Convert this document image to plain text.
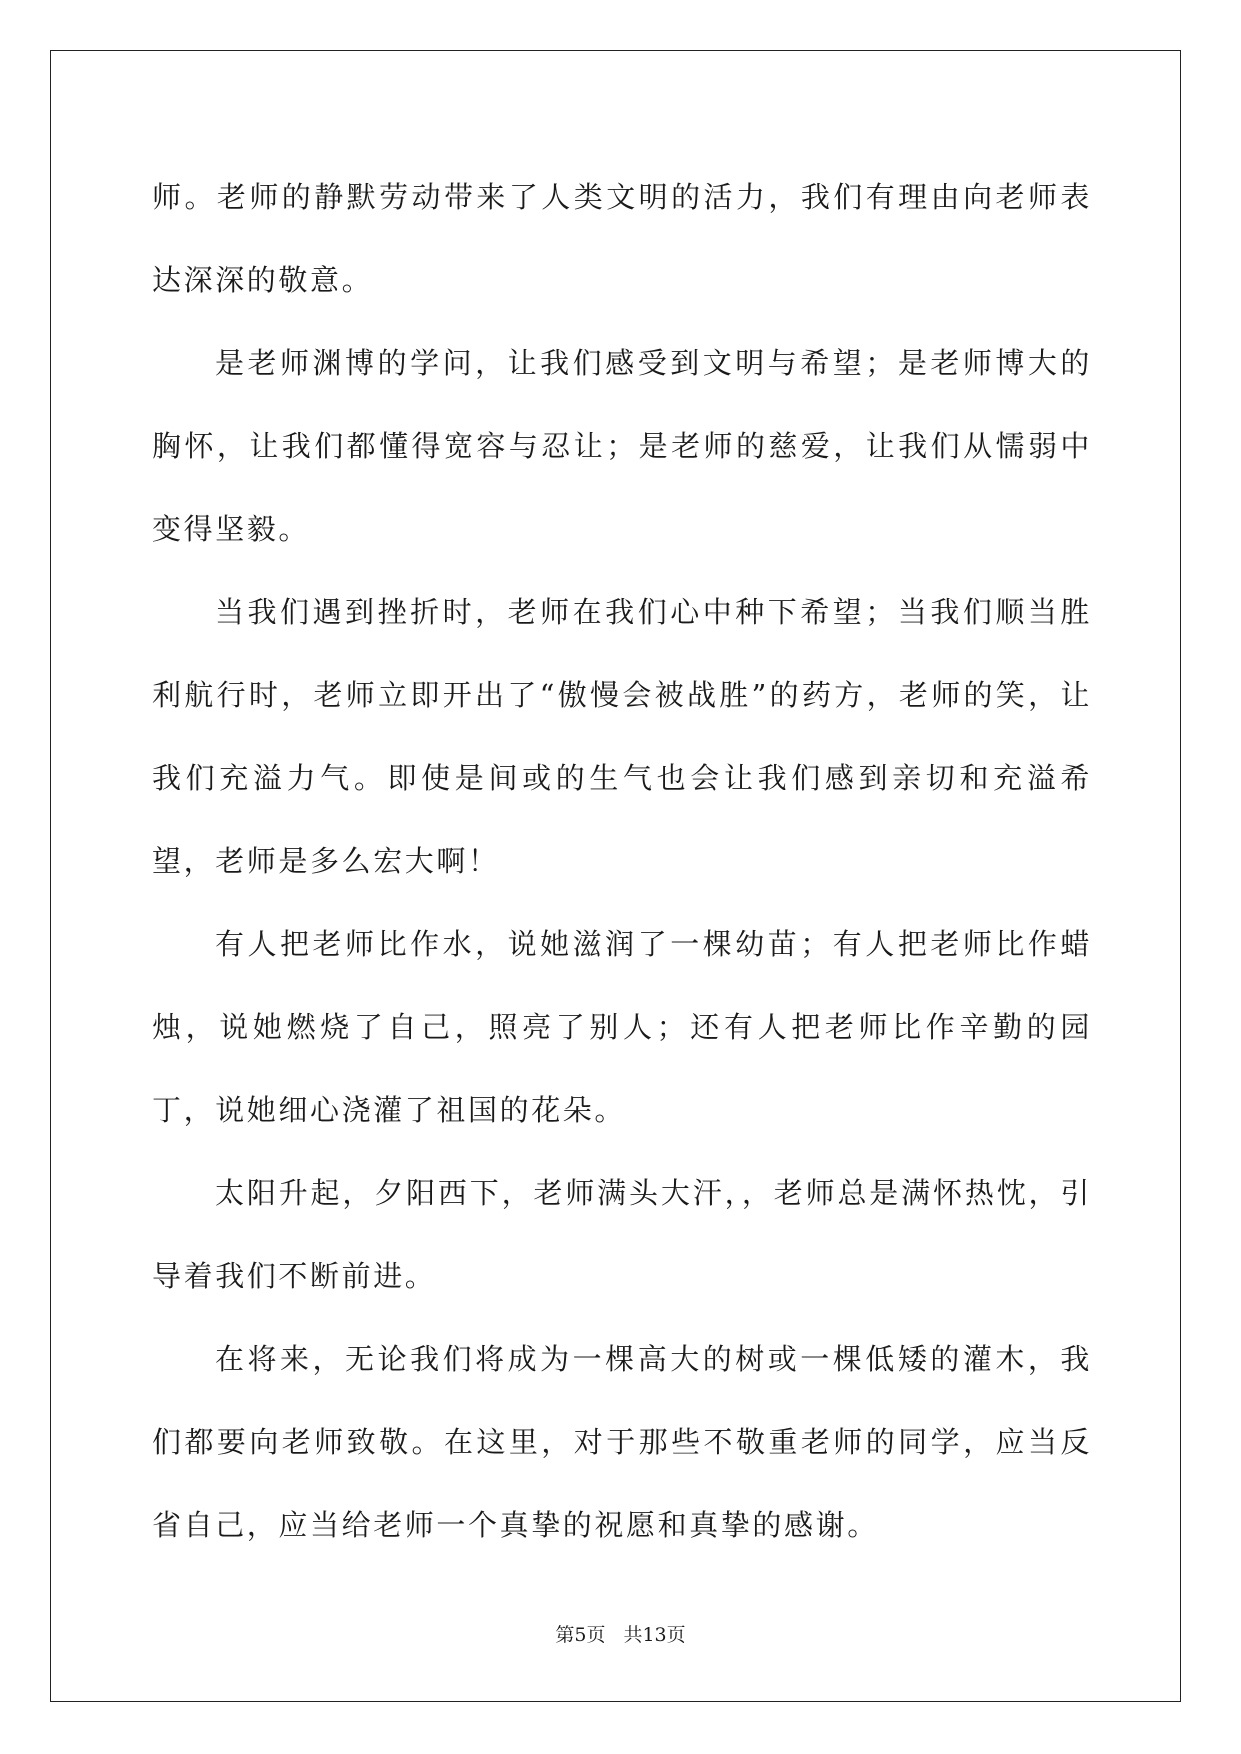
师。老师的静默劳动带来了人类文明的活力，我们有理由向老师表达深深的敬意。

是老师渊博的学问，让我们感受到文明与希望；是老师博大的胸怀，让我们都懂得宽容与忍让；是老师的慈爱，让我们从懦弱中变得坚毅。

当我们遇到挫折时，老师在我们心中种下希望；当我们顺当胜利航行时，老师立即开出了“傲慢会被战胜”的药方，老师的笑，让我们充溢力气。即使是间或的生气也会让我们感到亲切和充溢希望，老师是多么宏大啊！

有人把老师比作水，说她滋润了一棵幼苗；有人把老师比作蜡烛，说她燃烧了自己，照亮了别人；还有人把老师比作辛勤的园丁，说她细心浇灌了祖国的花朵。

太阳升起，夕阳西下，老师满头大汗，，老师总是满怀热忱，引导着我们不断前进。

在将来，无论我们将成为一棵高大的树或一棵低矮的灌木，我们都要向老师致敬。在这里，对于那些不敬重老师的同学，应当反省自己，应当给老师一个真挚的祝愿和真挚的感谢。

第5页 共13页
